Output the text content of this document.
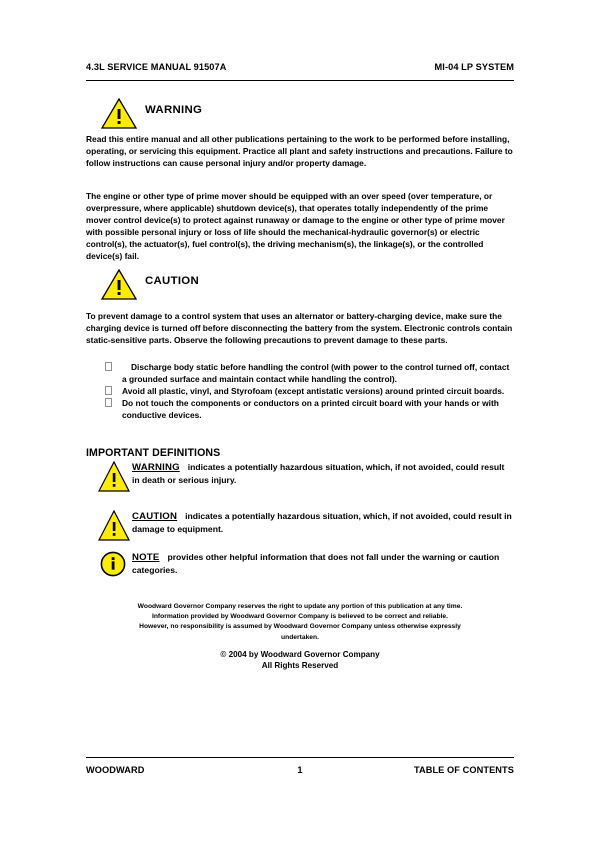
4.3L SERVICE MANUAL 91507A	MI-04 LP SYSTEM
WARNING
Read this entire manual and all other publications pertaining to the work to be performed before installing, operating, or servicing this equipment. Practice all plant and safety instructions and precautions. Failure to follow instructions can cause personal injury and/or property damage.
The engine or other type of prime mover should be equipped with an over speed (over temperature, or overpressure, where applicable) shutdown device(s), that operates totally independently of the prime mover control device(s) to protect against runaway or damage to the engine or other type of prime mover with possible personal injury or loss of life should the mechanical-hydraulic governor(s) or electric control(s), the actuator(s), fuel control(s), the driving mechanism(s), the linkage(s), or the controlled device(s) fail.
CAUTION
To prevent damage to a control system that uses an alternator or battery-charging device, make sure the charging device is turned off before disconnecting the battery from the system. Electronic controls contain static-sensitive parts. Observe the following precautions to prevent damage to these parts.
Discharge body static before handling the control (with power to the control turned off, contact a grounded surface and maintain contact while handling the control).
Avoid all plastic, vinyl, and Styrofoam (except antistatic versions) around printed circuit boards.
Do not touch the components or conductors on a printed circuit board with your hands or with conductive devices.
IMPORTANT DEFINITIONS
WARNING indicates a potentially hazardous situation, which, if not avoided, could result in death or serious injury.
CAUTION indicates a potentially hazardous situation, which, if not avoided, could result in damage to equipment.
NOTE provides other helpful information that does not fall under the warning or caution categories.
Woodward Governor Company reserves the right to update any portion of this publication at any time.
Information provided by Woodward Governor Company is believed to be correct and reliable.
However, no responsibility is assumed by Woodward Governor Company unless otherwise expressly
undertaken.
© 2004 by Woodward Governor Company
All Rights Reserved
WOODWARD	1	TABLE OF CONTENTS
